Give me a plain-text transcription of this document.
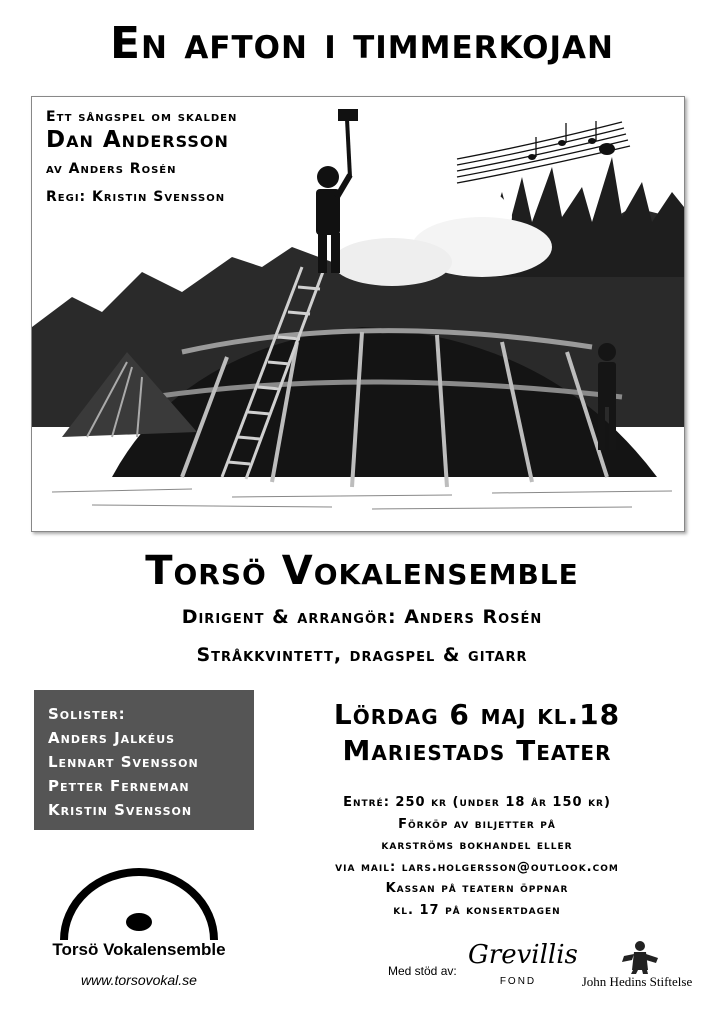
En afton i timmerkojan
Ett sångspel om skalden
Dan Andersson
av Anders Rosén
Regi: Kristin Svensson
Torsö Vokalensemble
Dirigent & arrangör: Anders Rosén
Stråkkvintett, dragspel & gitarr
Solister:
Anders Jalkéus
Lennart Svensson
Petter Ferneman
Kristin Svensson
Lördag 6 maj kl.18
Mariestads Teater
Entré: 250 kr (under 18 år 150 kr)
Förköp av biljetter på
karströms bokhandel eller
via mail: lars.holgersson@outlook.com
Kassan på teatern öppnar
kl. 17 på konsertdagen
Torsö Vokalensemble
www.torsovokal.se
Med stöd av:
Grevillis
FOND	John Hedins Stiftelse
